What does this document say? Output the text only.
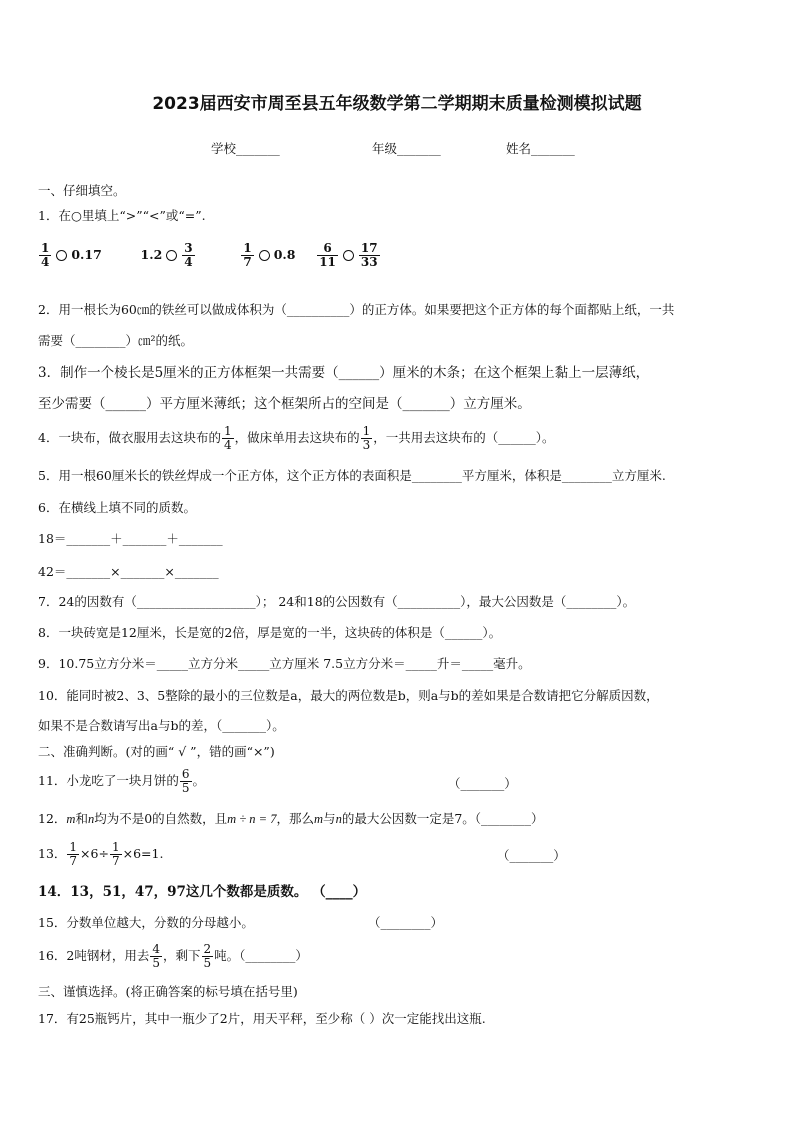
2023届西安市周至县五年级数学第二学期期末质量检测模拟试题
学校_______	年级_______	姓名_______
一、仔细填空。
1．在○里填上“>”“<”或“=”.
$\frac{1}{4} 0.17$	$1.2 \frac{3}{4}$
	$\frac{1}{7} 0.8 \frac{6}{11} \frac{17}{33}$
2．用一根长为60㎝的铁丝可以做成体积为（__________）的正方体。如果要把这个正方体的每个面都贴上纸，一共
需要（________）㎝²的纸。
3．制作一个棱长是5厘米的正方体框架一共需要（______）厘米的木条；在这个框架上黏上一层薄纸，
至少需要（______）平方厘米薄纸；这个框架所占的空间是（_______）立方厘米。
4．一块布，做衣服用去这块布的 $\frac{1}{4}$ ，做床单用去这块布的 $\frac{1}{3}$ ，一共用去这块布的（______）。
5．用一根60厘米长的铁丝焊成一个正方体，这个正方体的表面积是________平方厘米，体积是________立方厘米.
6．在横线上填不同的质数。
18＝_______＋_______＋_______
42＝_______×_______×_______
7．24的因数有（___________________）； 24和18的公因数有（__________），最大公因数是（________）。
8．一块砖宽是12厘米，长是宽的2倍，厚是宽的一半，这块砖的体积是（______）。
9．10.75立方分米＝_____立方分米_____立方厘米 7.5立方分米＝_____升＝_____毫升。
10．能同时被2、3、5整除的最小的三位数是a，最大的两位数是b，则a与b的差如果是合数请把它分解质因数，
如果不是合数请写出a与b的差，（_______）。
二、准确判断。(对的画“ √ ”，错的画“×”)
11．小龙吃了一块月饼的 $\frac{6}{5}$ 。	（_______）
12．m和n均为不是0的自然数，且m ÷ n = 7，那么m与n的最大公因数一定是7。（________）
13． $\frac{1}{7} \times 6\div \frac{1}{7} \times 6=1$.	（_______）
14．13，51，47，97这几个数都是质数。 （____）
15．分数单位越大，分数的分母越小。	（________）
16．2吨钢材，用去 $\frac{4}{5}$ ，剩下 $\frac{2}{5}$ 吨。（________）
三、谨慎选择。(将正确答案的标号填在括号里)
17．有25瓶钙片，其中一瓶少了2片，用天平秤，至少称（ ）次一定能找出这瓶.
